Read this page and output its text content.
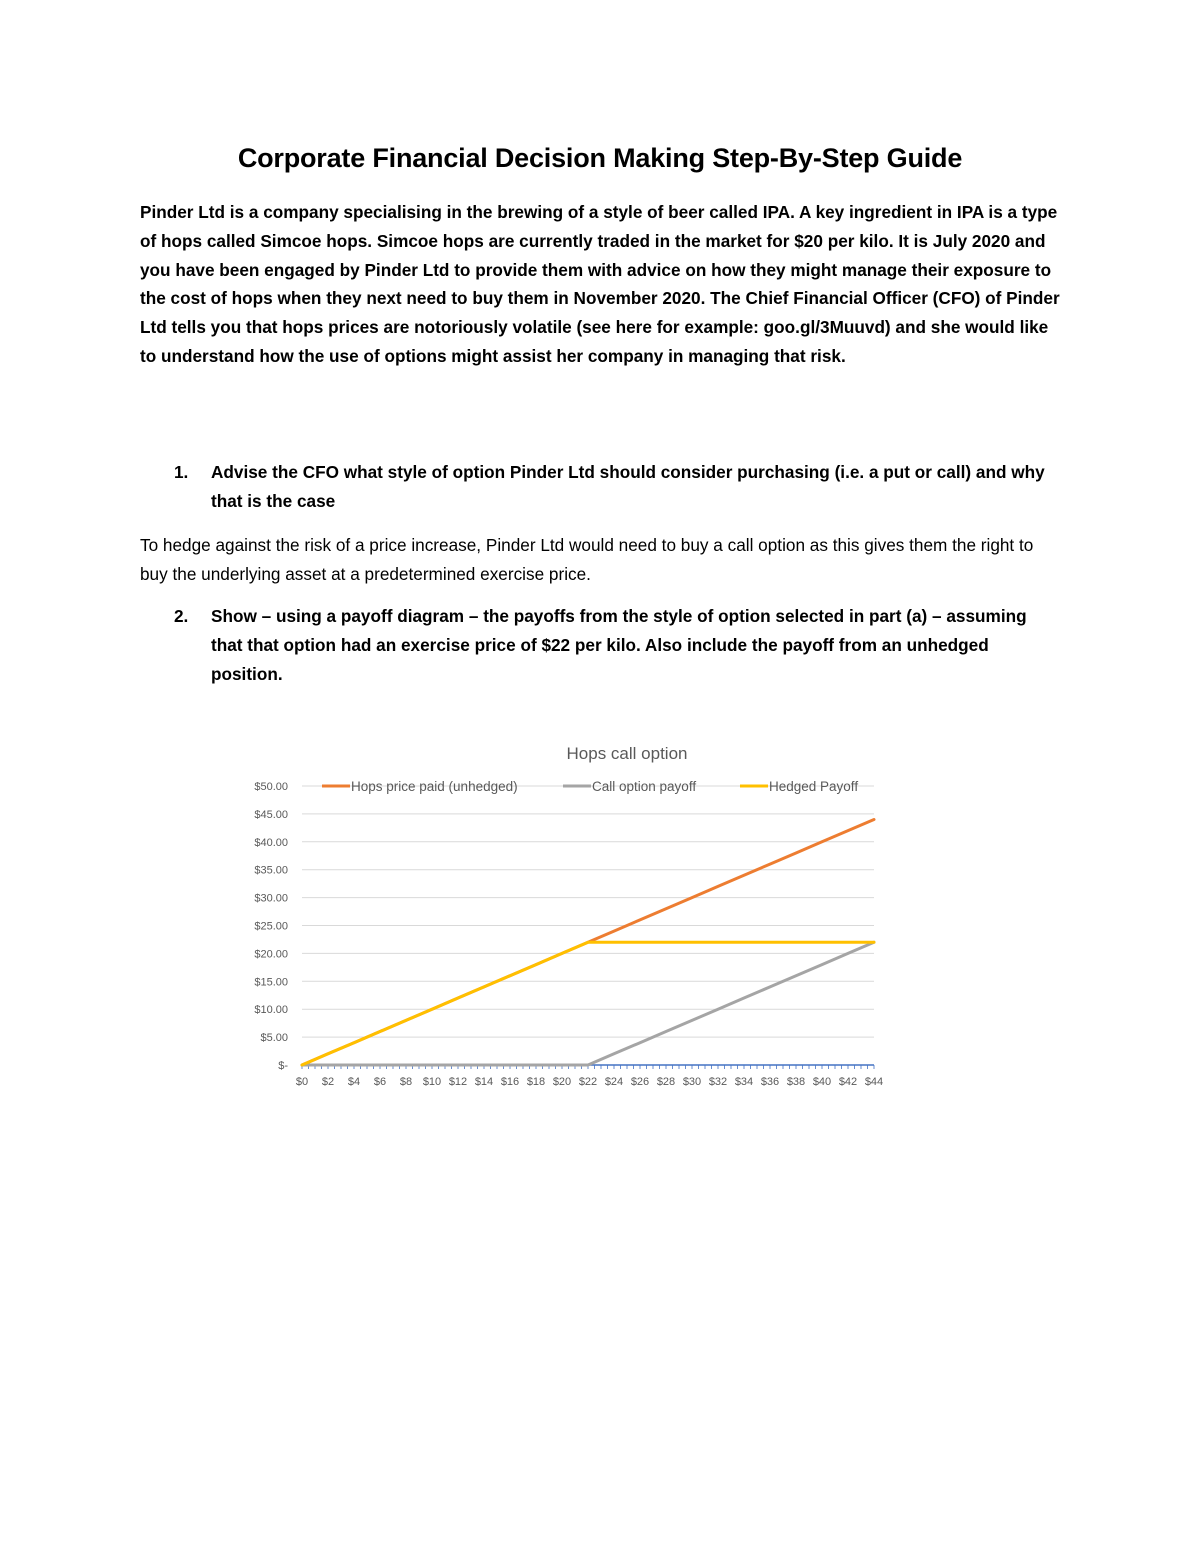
Corporate Financial Decision Making Step-By-Step Guide

Pinder Ltd is a company specialising in the brewing of a style of beer called IPA. A key ingredient in IPA is a type of hops called Simcoe hops. Simcoe hops are currently traded in the market for $20 per kilo. It is July 2020 and you have been engaged by Pinder Ltd to provide them with advice on how they might manage their exposure to the cost of hops when they next need to buy them in November 2020. The Chief Financial Officer (CFO) of Pinder Ltd tells you that hops prices are notoriously volatile (see here for example: goo.gl/3Muuvd) and she would like to understand how the use of options might assist her company in managing that risk.

1. Advise the CFO what style of option Pinder Ltd should consider purchasing (i.e. a put or call) and why that is the case

To hedge against the risk of a price increase, Pinder Ltd would need to buy a call option as this gives them the right to buy the underlying asset at a predetermined exercise price.

2. Show – using a payoff diagram – the payoffs from the style of option selected in part (a) – assuming that that option had an exercise price of $22 per kilo. Also include the payoff from an unhedged position.
Hops call option
$-
$5.00
$10.00
$15.00
$20.00
$25.00
$30.00
$35.00
$40.00
$45.00
$50.00
$0 $2 $4 $6 $8 $10 $12 $14 $16 $18 $20 $22 $24 $26 $28 $30 $32 $34 $36 $38 $40 $42 $44
Hops price paid (unhedged)	Call option payoff	Hedged Payoff
